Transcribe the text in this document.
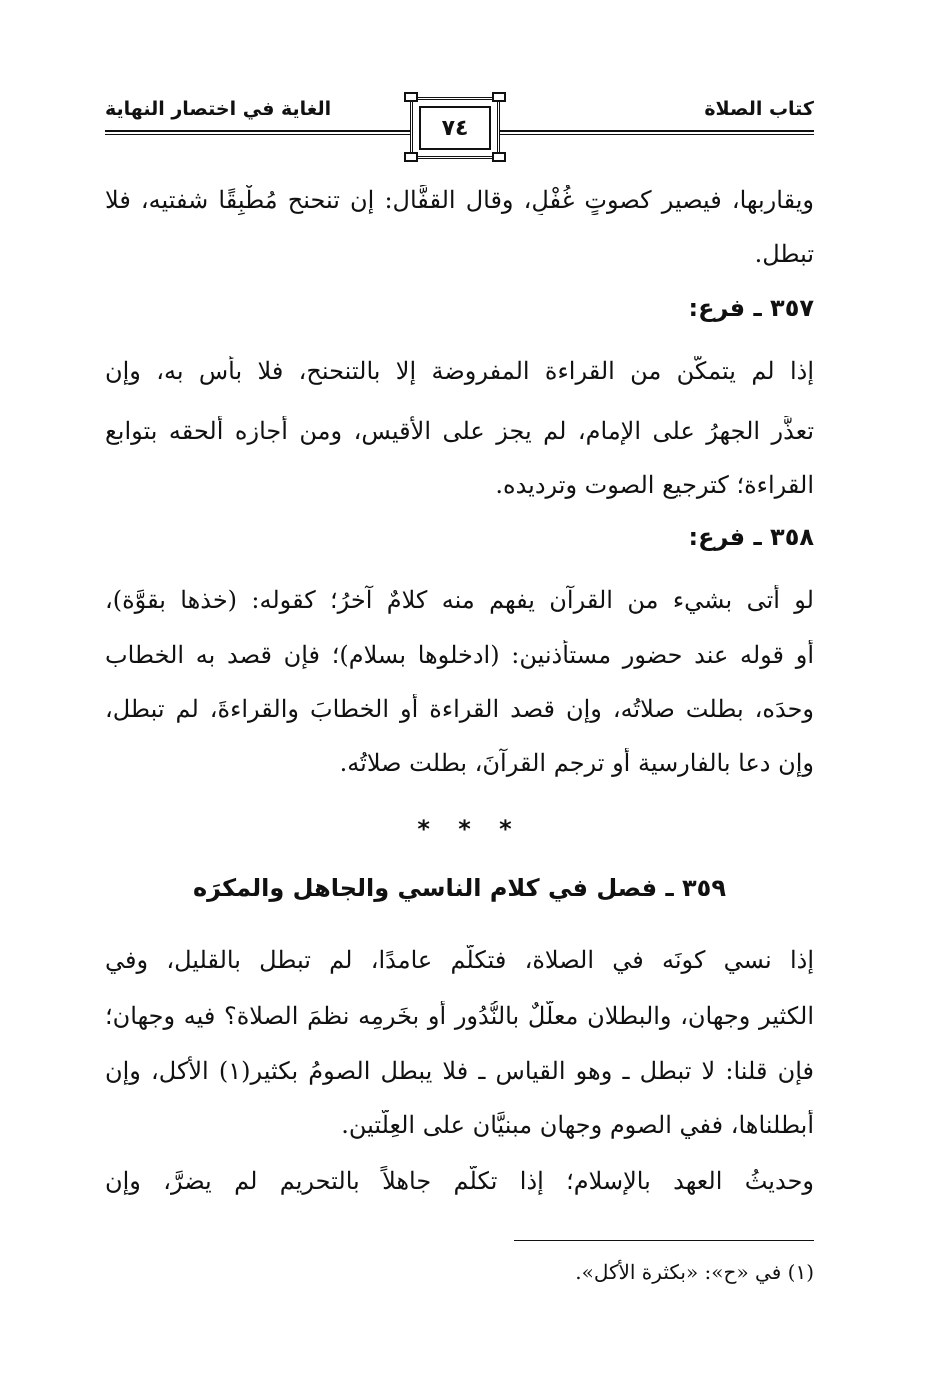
كتاب الصلاة
الغاية في اختصار النهاية
٧٤
ويقاربها، فيصير كصوتٍ غُفْلٍ، وقال القفَّال: إن تنحنح مُطْبِقًا شفتيه، فلا
تبطل.
٣٥٧ ـ فرع:
إذا لم يتمكَّن من القراءة المفروضة إلا بالتنحنح، فلا بأس به، وإن
تعذَّر الجهرُ على الإمام، لم يجز على الأقيس، ومن أجازه ألحقه بتوابع
القراءة؛ كترجيع الصوت وترديده.
٣٥٨ ـ فرع:
لو أتى بشيء من القرآن يفهم منه كلامٌ آخرُ؛ كقوله: (خذها بقوَّة)،
أو قوله عند حضور مستأذنين: (ادخلوها بسلام)؛ فإن قصد به الخطاب
وحدَه، بطلت صلاتُه، وإن قصد القراءة أو الخطابَ والقراءةَ، لم تبطل،
وإن دعا بالفارسية أو ترجم القرآنَ، بطلت صلاتُه.
* * *
٣٥٩ ـ فصل في كلام الناسي والجاهل والمكرَه
إذا نسي كونَه في الصلاة، فتكلَّم عامدًا، لم تبطل بالقليل، وفي
الكثير وجهان، والبطلان معلَّلٌ بالنُّدُور أو بخَرمِه نظمَ الصلاة؟ فيه وجهان؛
فإن قلنا: لا تبطل ـ وهو القياس ـ فلا يبطل الصومُ بكثير(١) الأكل، وإن
أبطلناها، ففي الصوم وجهان مبنيَّان على العِلَّتين.
وحديثُ العهد بالإسلام؛ إذا تكلَّم جاهلاً بالتحريم لم يضرَّ، وإن
(١) في «ح»: «بكثرة الأكل».
